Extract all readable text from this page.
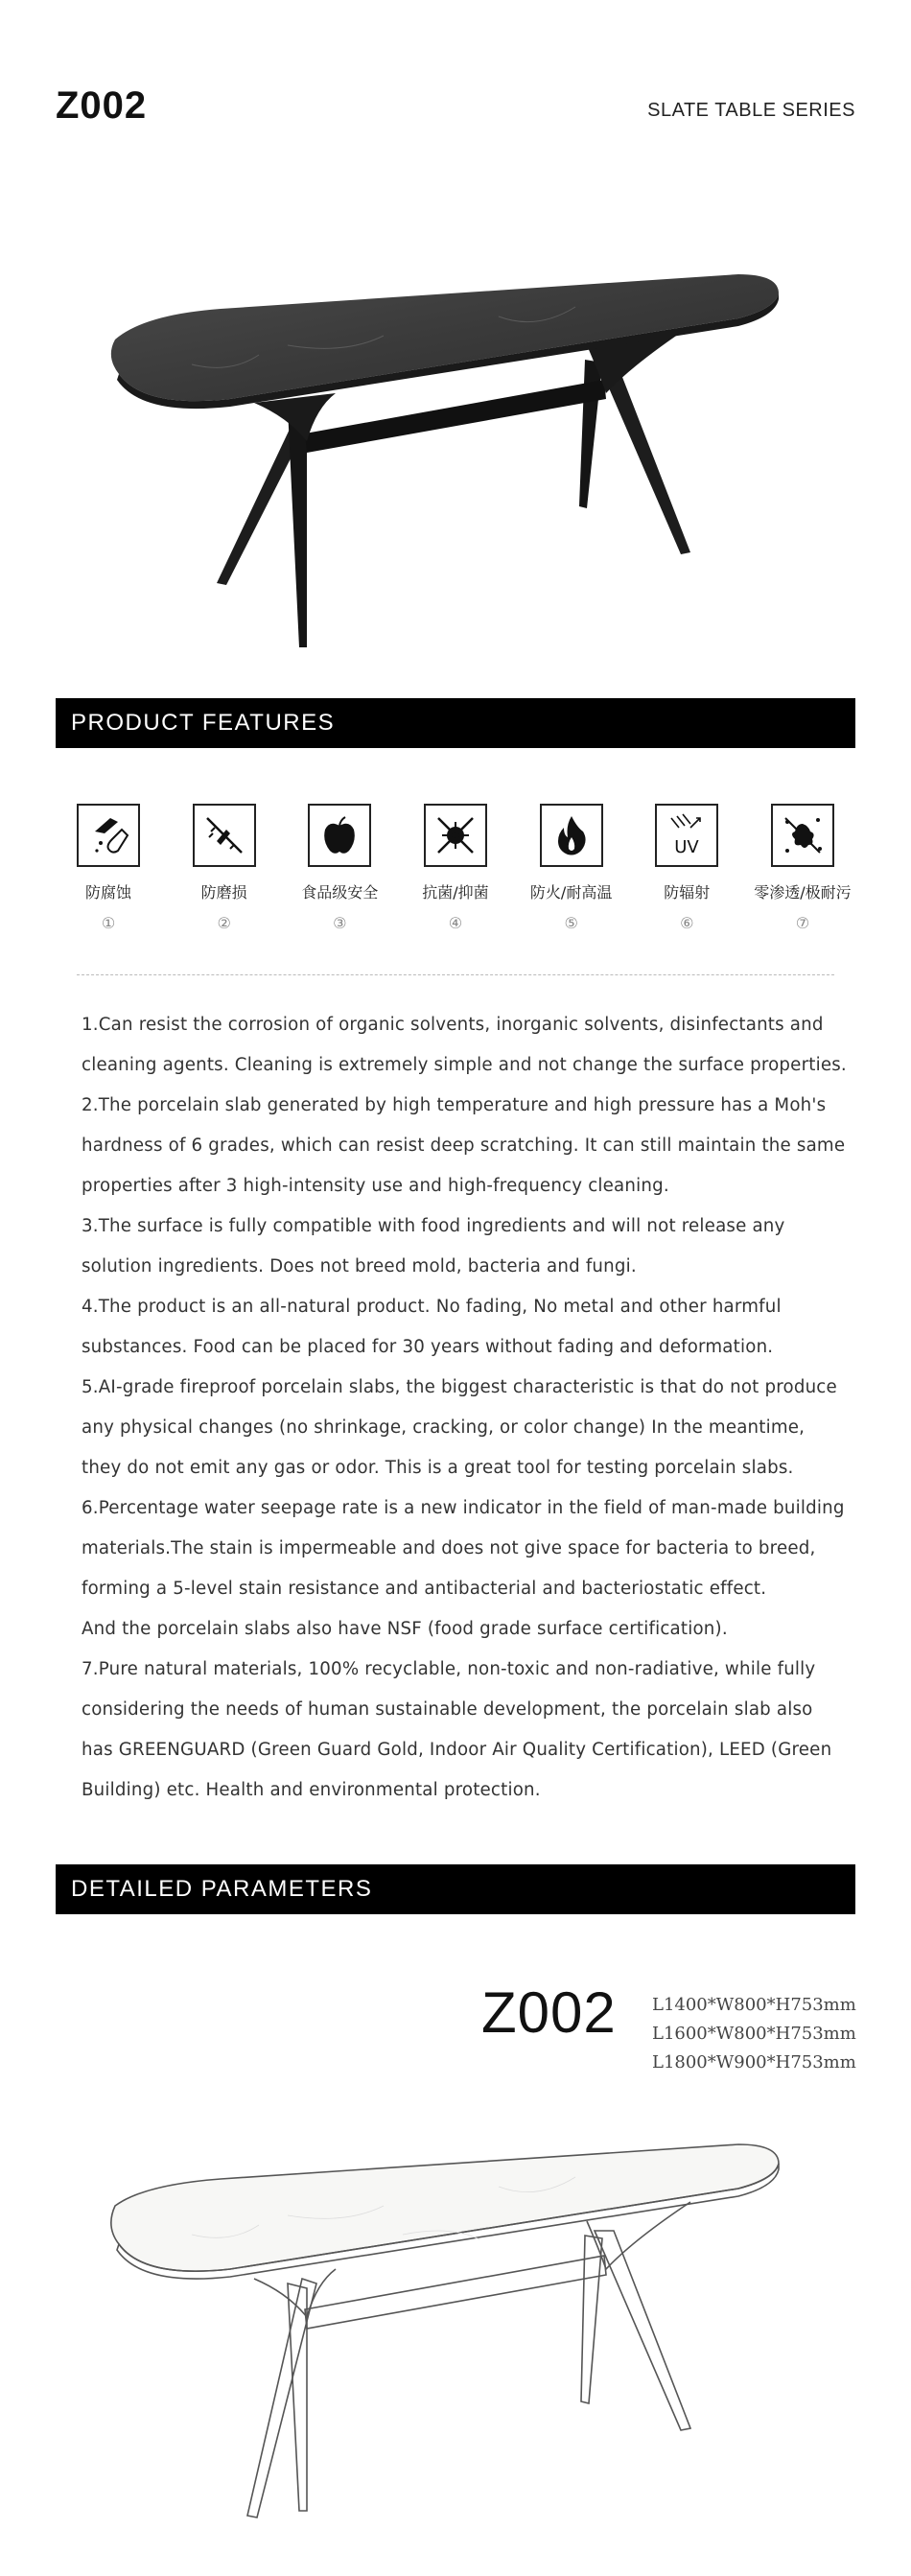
Z002	SLATE TABLE SERIES
PRODUCT FEATURES
防腐蚀
①
防磨损
②
食品级安全
③
抗菌/抑菌
④
防火/耐高温
⑤
UV
防辐射
⑥
零渗透/极耐污
⑦

1.Can resist the corrosion of organic solvents, inorganic solvents, disinfectants and cleaning agents. Cleaning is extremely simple and not change the surface properties.

2.The porcelain slab generated by high temperature and high pressure has a Moh's hardness of 6 grades, which can resist deep scratching. It can still maintain the same properties after 3 high-intensity use and high-frequency cleaning.

3.The surface is fully compatible with food ingredients and will not release any solution ingredients. Does not breed mold, bacteria and fungi.

4.The product is an all-natural product. No fading, No metal and other harmful substances. Food can be placed for 30 years without fading and deformation.

5.AI-grade fireproof porcelain slabs, the biggest characteristic is that do not produce any physical changes (no shrinkage, cracking, or color change) In the meantime, they do not emit any gas or odor. This is a great tool for testing porcelain slabs.

6.Percentage water seepage rate is a new indicator in the field of man-made building materials.The stain is impermeable and does not give space for bacteria to breed, forming a 5-level stain resistance and antibacterial and bacteriostatic effect.

And the porcelain slabs also have NSF (food grade surface certification).

7.Pure natural materials, 100% recyclable, non-toxic and non-radiative, while fully considering the needs of human sustainable development, the porcelain slab also has GREENGUARD (Green Guard Gold, Indoor Air Quality Certification), LEED (Green Building) etc. Health and environmental protection.

DETAILED PARAMETERS
Z002 L1400*W800*H753mm
L1600*W800*H753mm
L1800*W900*H753mm
